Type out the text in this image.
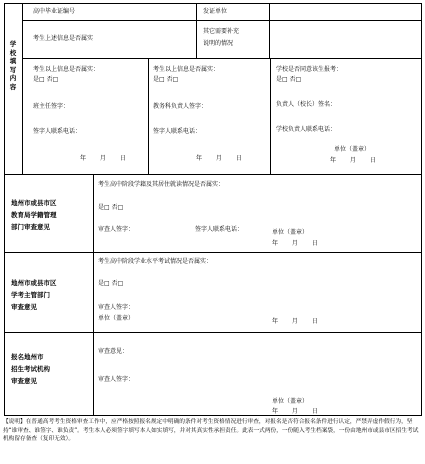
高中毕业证编号	发证单位
考生上述信息是否属实
其它需要补充
说明的情况
学校填写内容
考生以上信息是否属实：
是□ 否□
班主任签字：
签字人联系电话：
年 月 日
考生以上信息是否属实：
是□ 否□
教务科负责人签字：
签字人联系电话：
年 月 日
学校是否同意该生报考：
是□ 否□
负责人（校长）签名：
学校负责人联系电话：
单位（盖章）
年 月 日
地州市或县市区
教育局学籍管理
部门审查意见
考生高中阶段学籍及其居住就读情况是否属实：
是□ 否□
审查人签字：	签字人联系电话：	单位（盖章）
年 月 日
地州市或县市区
学考主管部门
审查意见
考生高中阶段学业水平考试情况是否属实：
是□ 否□
审查人签字：
单位（盖章）	年 月 日
报名地州市
招生考试机构
审查意见
审查意见：
审查人签字：
单位（盖章）
年 月 日
【说明】在普通高考考生资格审查工作中，应严格按照报名规定中明确的条件对考生资格情况进行审查，对报名是否符合报名条件进行认定，严禁弄虚作假行为，坚持“谁审查、谁签字、谁负责”。考生本人必须签字填写本人如实填写，并对其真实性承担责任。此表一式两份，一份随入考生档案袋，一份由地州市或县市区招生考试机构留存备查（复印无效）。
